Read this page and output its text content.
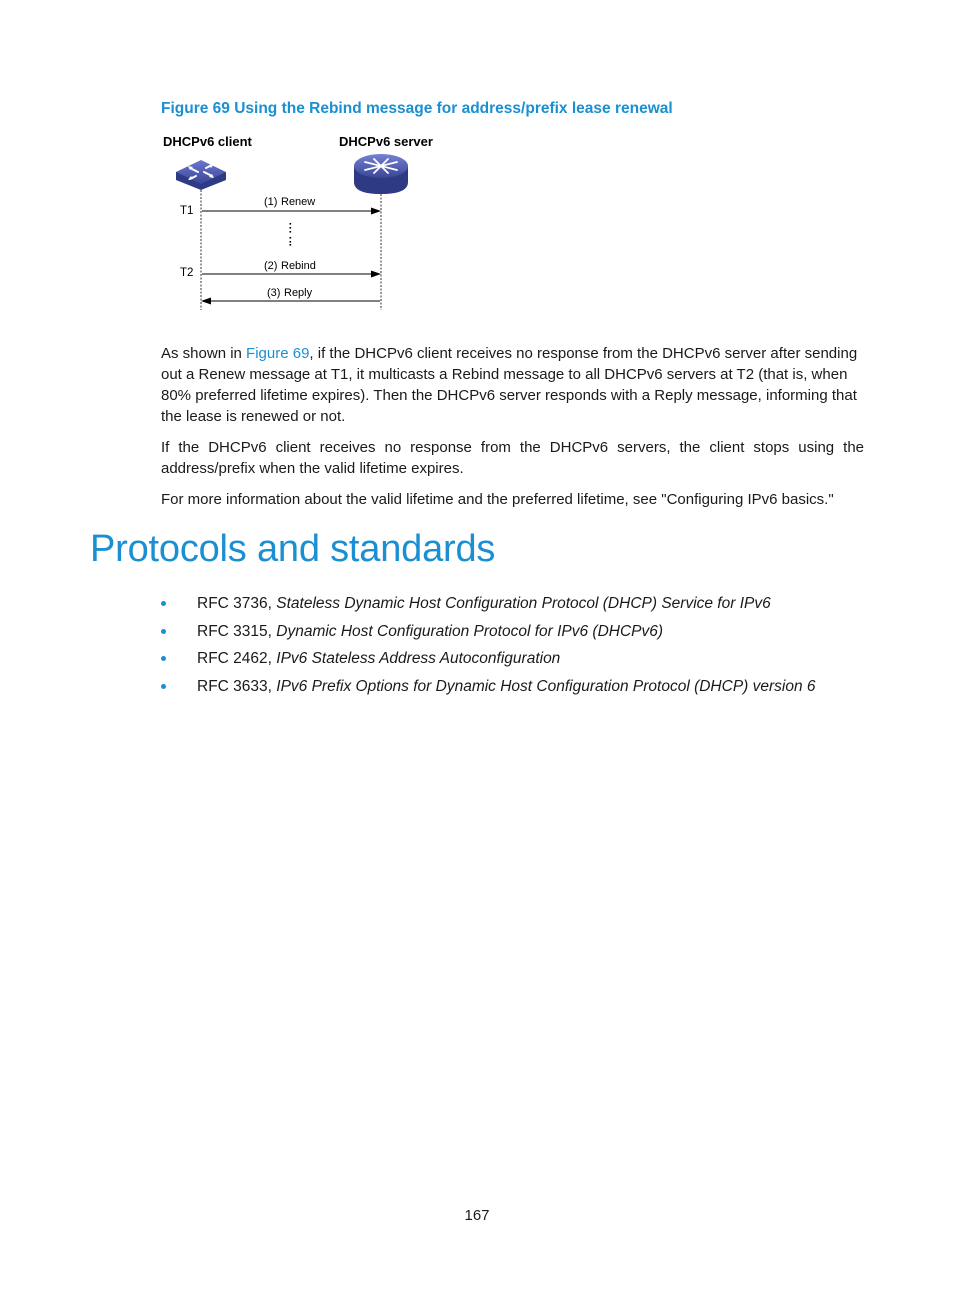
Figure 69 Using the Rebind message for address/prefix lease renewal
DHCPv6 client	DHCPv6 server
T1
T2
(1) Renew
(2) Rebind
(3) Reply

As shown in Figure 69, if the DHCPv6 client receives no response from the DHCPv6 server after sending out a Renew message at T1, it multicasts a Rebind message to all DHCPv6 servers at T2 (that is, when 80% preferred lifetime expires). Then the DHCPv6 server responds with a Reply message, informing that the lease is renewed or not.

If the DHCPv6 client receives no response from the DHCPv6 servers, the client stops using the address/prefix when the valid lifetime expires.

For more information about the valid lifetime and the preferred lifetime, see "Configuring IPv6 basics."

Protocols and standards
RFC 3736, Stateless Dynamic Host Configuration Protocol (DHCP) Service for IPv6
RFC 3315, Dynamic Host Configuration Protocol for IPv6 (DHCPv6)
RFC 2462, IPv6 Stateless Address Autoconfiguration
RFC 3633, IPv6 Prefix Options for Dynamic Host Configuration Protocol (DHCP) version 6
167
